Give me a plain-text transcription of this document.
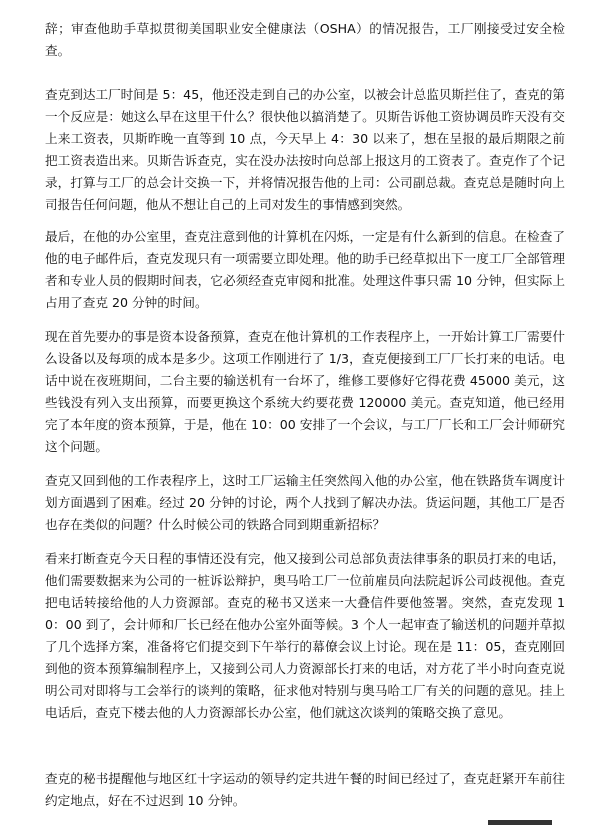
辞；审查他助手草拟贯彻美国职业安全健康法（OSHA）的情况报告，工厂刚接受过安全检查。

查克到达工厂时间是 5：45，他还没走到自己的办公室，以被会计总监贝斯拦住了，查克的第一个反应是：她这么早在这里干什么？很快他以搞消楚了。贝斯告诉他工资协调员昨天没有交上来工资表，贝斯昨晚一直等到 10 点，今天早上 4：30 以来了，想在呈报的最后期限之前把工资表造出来。贝斯告诉查克，实在没办法按时向总部上报这月的工资表了。查克作了个记录，打算与工厂的总会计交换一下，并将情况报告他的上司：公司副总裁。查克总是随时向上司报告任何问题，他从不想让自己的上司对发生的事情感到突然。

最后，在他的办公室里，查克注意到他的计算机在闪烁，一定是有什么新到的信息。在检查了他的电子邮件后，查克发现只有一项需要立即处理。他的助手已经草拟出下一度工厂全部管理者和专业人员的假期时间表，它必须经查克审阅和批准。处理这件事只需 10 分钟，但实际上占用了查克 20 分钟的时间。

现在首先要办的事是资本设备预算，查克在他计算机的工作表程序上，一开始计算工厂需要什么设备以及每项的成本是多少。这项工作刚进行了 1/3，查克便接到工厂厂长打来的电话。电话中说在夜班期间，二台主要的输送机有一台坏了，维修工要修好它得花费 45000 美元，这些钱没有列入支出预算，而要更换这个系统大约要花费 120000 美元。查克知道，他已经用完了本年度的资本预算，于是，他在 10：00 安排了一个会议，与工厂厂长和工厂会计师研究这个问题。

查克又回到他的工作表程序上，这时工厂运输主任突然闯入他的办公室，他在铁路货车调度计划方面遇到了困难。经过 20 分钟的讨论，两个人找到了解决办法。货运问题，其他工厂是否也存在类似的问题？什么时候公司的铁路合同到期重新招标？

看来打断查克今天日程的事情还没有完，他又接到公司总部负责法律事条的职员打来的电话，他们需要数据来为公司的一桩诉讼辩护，奥马哈工厂一位前雇员向法院起诉公司歧视他。查克把电话转接给他的人力资源部。查克的秘书又送来一大叠信件要他签署。突然，查克发现 10：00 到了，会计师和厂长已经在他办公室外面等候。3 个人一起审查了输送机的问题并草拟了几个选择方案，准备将它们提交到下午举行的幕僚会议上讨论。现在是 11：05，查克刚回到他的资本预算编制程序上，又接到公司人力资源部长打来的电话，对方花了半小时向查克说明公司对即将与工会举行的谈判的策略，征求他对特别与奥马哈工厂有关的问题的意见。挂上电话后，查克下楼去他的人力资源部长办公室，他们就这次谈判的策略交换了意见。

查克的秘书提醒他与地区红十字运动的领导约定共进午餐的时间已经过了，查克赶紧开车前往约定地点，好在不过迟到 10 分钟。
